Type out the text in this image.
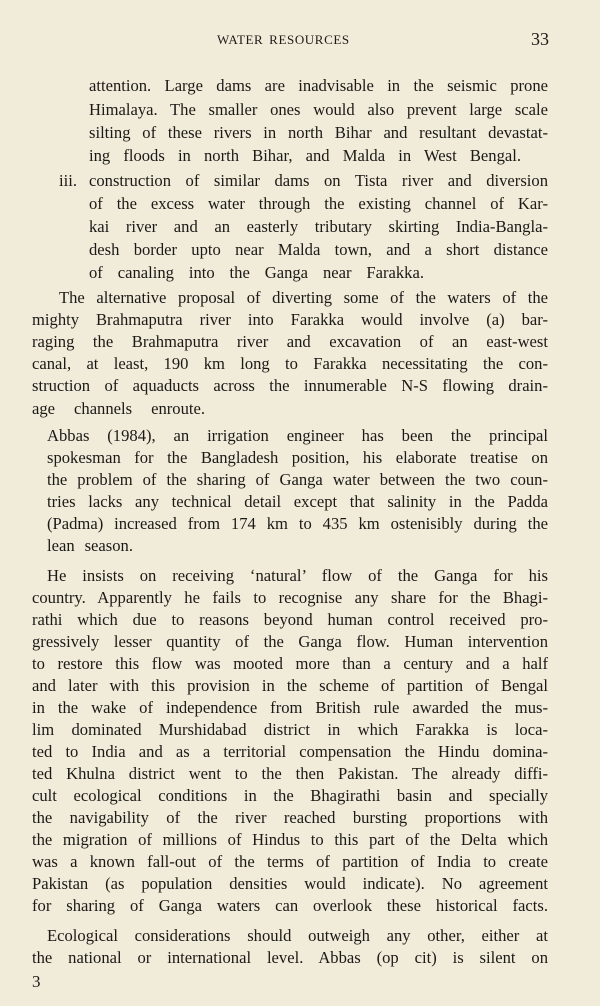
WATER RESOURCES	33
attention. Large dams are inadvisable in the seismic prone
Himalaya. The smaller ones would also prevent large scale
silting of these rivers in north Bihar and resultant devastat-
ing floods in north Bihar, and Malda in West Bengal.
iii. construction of similar dams on Tista river and diversion
of the excess water through the existing channel of Kar-
kai river and an easterly tributary skirting India-Bangla-
desh border upto near Malda town, and a short distance
of canaling into the Ganga near Farakka.
The alternative proposal of diverting some of the waters of the
mighty Brahmaputra river into Farakka would involve (a) bar-
raging the Brahmaputra river and excavation of an east-west
canal, at least, 190 km long to Farakka necessitating the con-
struction of aquaducts across the innumerable N-S flowing drain-
age channels enroute.
Abbas (1984), an irrigation engineer has been the principal
spokesman for the Bangladesh position, his elaborate treatise on
the problem of the sharing of Ganga water between the two coun-
tries lacks any technical detail except that salinity in the Padda
(Padma) increased from 174 km to 435 km ostenisibly during the
lean season.
He insists on receiving ‘natural’ flow of the Ganga for his
country. Apparently he fails to recognise any share for the Bhagi-
rathi which due to reasons beyond human control received pro-
gressively lesser quantity of the Ganga flow. Human intervention
to restore this flow was mooted more than a century and a half
and later with this provision in the scheme of partition of Bengal
in the wake of independence from British rule awarded the mus-
lim dominated Murshidabad district in which Farakka is loca-
ted to India and as a territorial compensation the Hindu domina-
ted Khulna district went to the then Pakistan. The already diffi-
cult ecological conditions in the Bhagirathi basin and specially
the navigability of the river reached bursting proportions with
the migration of millions of Hindus to this part of the Delta which
was a known fall-out of the terms of partition of India to create
Pakistan (as population densities would indicate). No agreement
for sharing of Ganga waters can overlook these historical facts.
Ecological considerations should outweigh any other, either at
the national or international level. Abbas (op cit) is silent on
3
